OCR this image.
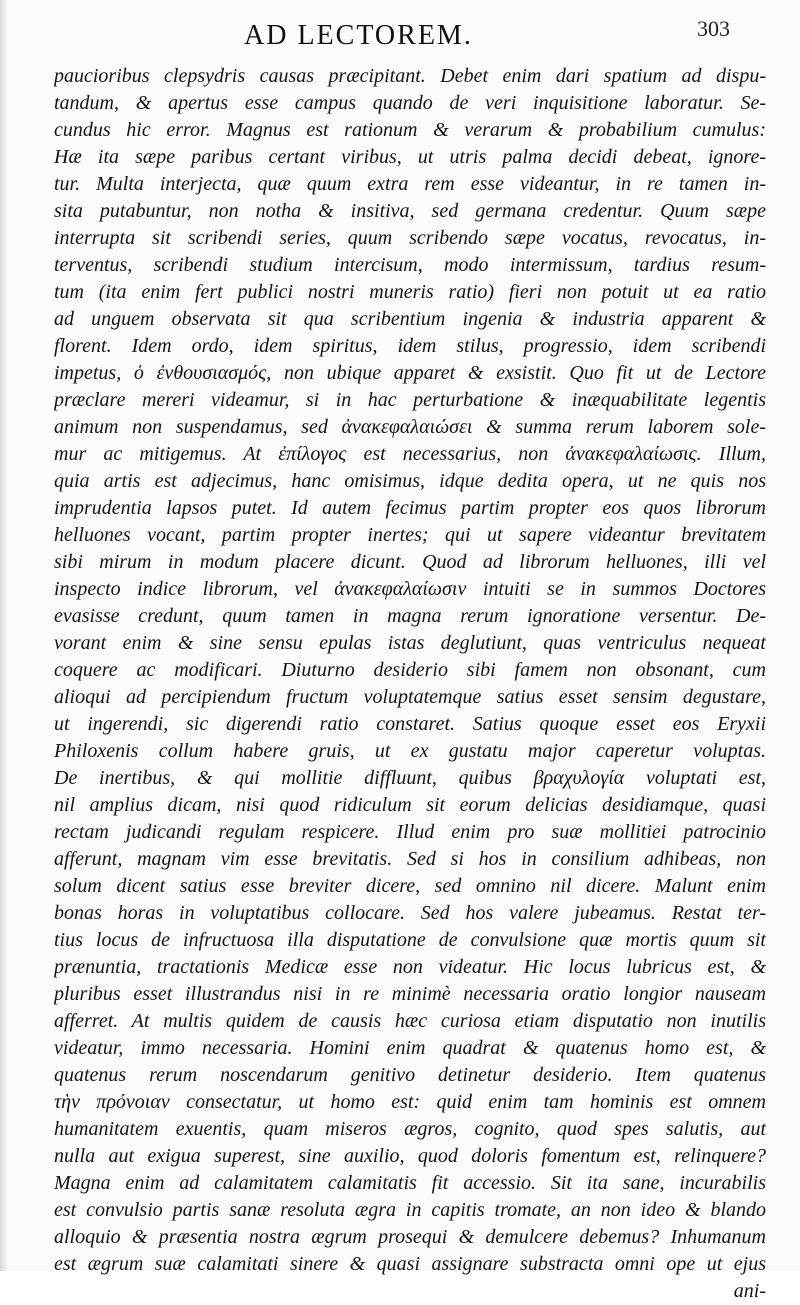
AD LECTOREM.	303
paucioribus clepsydris causas præcipitant. Debet enim dari spatium ad dispu-
tandum, & apertus esse campus quando de veri inquisitione laboratur. Se-
cundus hic error. Magnus est rationum & verarum & probabilium cumulus:
Hæ ita sæpe paribus certant viribus, ut utris palma decidi debeat, ignore-
tur. Multa interjecta, quæ quum extra rem esse videantur, in re tamen in-
sita putabuntur, non notha & insitiva, sed germana credentur. Quum sæpe
interrupta sit scribendi series, quum scribendo sæpe vocatus, revocatus, in-
terventus, scribendi studium intercisum, modo intermissum, tardius resum-
tum (ita enim fert publici nostri muneris ratio) fieri non potuit ut ea ratio
ad unguem observata sit qua scribentium ingenia & industria apparent &
florent. Idem ordo, idem spiritus, idem stilus, progressio, idem scribendi
impetus, ὁ ἐνθουσιασμός, non ubique apparet & exsistit. Quo fit ut de Lectore
præclare mereri videamur, si in hac perturbatione & inæquabilitate legentis
animum non suspendamus, sed ἀνακεφαλαιώσει & summa rerum laborem sole-
mur ac mitigemus. At ἐπίλογος est necessarius, non ἀνακεφαλαίωσις. Illum,
quia artis est adjecimus, hanc omisimus, idque dedita opera, ut ne quis nos
imprudentia lapsos putet. Id autem fecimus partim propter eos quos librorum
helluones vocant, partim propter inertes; qui ut sapere videantur brevitatem
sibi mirum in modum placere dicunt. Quod ad librorum helluones, illi vel
inspecto indice librorum, vel ἀνακεφαλαίωσιν intuiti se in summos Doctores
evasisse credunt, quum tamen in magna rerum ignoratione versentur. De-
vorant enim & sine sensu epulas istas deglutiunt, quas ventriculus nequeat
coquere ac modificari. Diuturno desiderio sibi famem non obsonant, cum
alioqui ad percipiendum fructum voluptatemque satius esset sensim degustare,
ut ingerendi, sic digerendi ratio constaret. Satius quoque esset eos Eryxii
Philoxenis collum habere gruis, ut ex gustatu major caperetur voluptas.
De inertibus, & qui mollitie diffluunt, quibus βραχυλογία voluptati est,
nil amplius dicam, nisi quod ridiculum sit eorum delicias desidiamque, quasi
rectam judicandi regulam respicere. Illud enim pro suæ mollitiei patrocinio
afferunt, magnam vim esse brevitatis. Sed si hos in consilium adhibeas, non
solum dicent satius esse breviter dicere, sed omnino nil dicere. Malunt enim
bonas horas in voluptatibus collocare. Sed hos valere jubeamus. Restat ter-
tius locus de infructuosa illa disputatione de convulsione quæ mortis quum sit
prænuntia, tractationis Medicæ esse non videatur. Hic locus lubricus est, &
pluribus esset illustrandus nisi in re minimè necessaria oratio longior nauseam
afferret. At multis quidem de causis hæc curiosa etiam disputatio non inutilis
videatur, immo necessaria. Homini enim quadrat & quatenus homo est, &
quatenus rerum noscendarum genitivo detinetur desiderio. Item quatenus
τὴν πρόνοιαν consectatur, ut homo est: quid enim tam hominis est omnem
humanitatem exuentis, quam miseros ægros, cognito, quod spes salutis, aut
nulla aut exigua superest, sine auxilio, quod doloris fomentum est, relinquere?
Magna enim ad calamitatem calamitatis fit accessio. Sit ita sane, incurabilis
est convulsio partis sanæ resoluta ægra in capitis tromate, an non ideo & blando
alloquio & præsentia nostra ægrum prosequi & demulcere debemus? Inhumanum
est ægrum suæ calamitati sinere & quasi assignare substracta omni ope ut ejus
ani-
